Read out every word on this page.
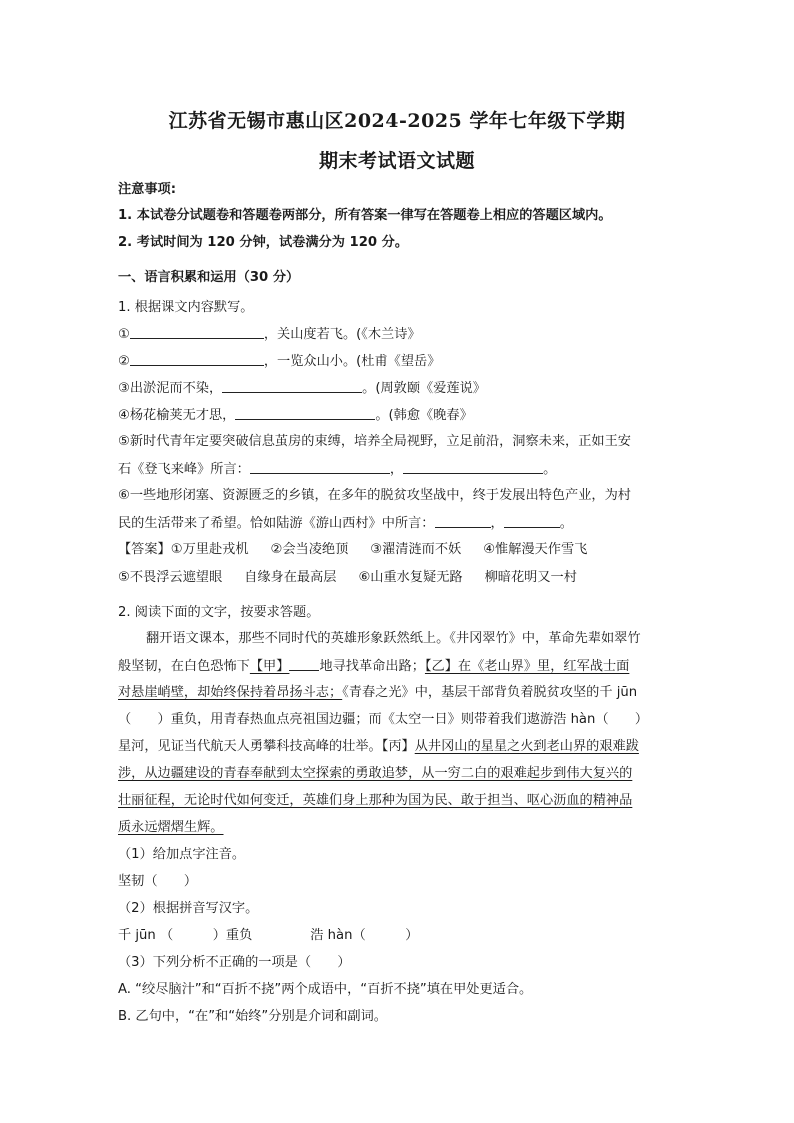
江苏省无锡市惠山区2024-2025 学年七年级下学期
期末考试语文试题
注意事项:
1. 本试卷分试题卷和答题卷两部分，所有答案一律写在答题卷上相应的答题区域内。
2. 考试时间为 120 分钟，试卷满分为 120 分。
一、语言积累和运用（30 分）
1. 根据课文内容默写。
①	，关山度若飞。(《木兰诗》
②	，一览众山小。(杜甫《望岳》
③出淤泥而不染，	。(周敦颐《爱莲说》
④杨花榆荚无才思，	。(韩愈《晚春》
⑤新时代青年定要突破信息茧房的束缚，培养全局视野，立足前沿，洞察未来，正如王安
石《登飞来峰》所言：	，	。
⑥一些地形闭塞、资源匮乏的乡镇，在多年的脱贫攻坚战中，终于发展出特色产业，为村
民的生活带来了希望。恰如陆游《游山西村》中所言：	，	。
【答案】①万里赴戎机 ②会当凌绝顶 ③濯清涟而不妖 ④惟解漫天作雪飞
⑤不畏浮云遮望眼 自缘身在最高层 ⑥山重水复疑无路 柳暗花明又一村
2. 阅读下面的文字，按要求答题。
翻开语文课本，那些不同时代的英雄形象跃然纸上。《井冈翠竹》中，革命先辈如翠竹
般坚韧，在白色恐怖下【甲】 地寻找革命出路；【乙】在《老山界》里，红军战士面
对悬崖峭壁，却始终保持着昂扬斗志；《青春之光》中，基层干部背负着脱贫攻坚的千 jūn
（　　）重负，用青春热血点亮祖国边疆；而《太空一日》则带着我们遨游浩 hàn（　　）
星河，见证当代航天人勇攀科技高峰的壮举。【丙】从井冈山的星星之火到老山界的艰难跋
涉，从边疆建设的青春奉献到太空探索的勇敢追梦，从一穷二白的艰难起步到伟大复兴的
壮丽征程，无论时代如何变迁，英雄们身上那种为国为民、敢于担当、呕心沥血的精神品
质永远熠熠生辉。
（1）给加点字注音。
坚韧（　　）
（2）根据拼音写汉字。
千 jūn （　　　）重负	浩 hàn（　　　）
（3）下列分析不正确的一项是（　　）
A. “绞尽脑汁”和“百折不挠”两个成语中，“百折不挠”填在甲处更适合。
B. 乙句中，“在”和“始终”分别是介词和副词。
